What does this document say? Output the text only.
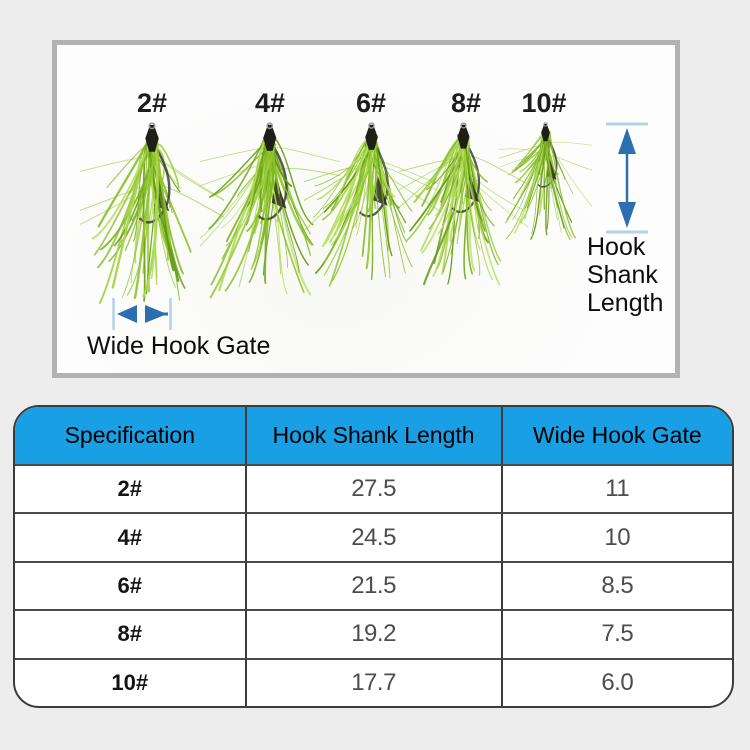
2#	4#	6#	8#	10#
Hook Shank Length
Wide Hook Gate
Specification	Hook Shank Length	Wide Hook Gate
2#	27.5	11
4#	24.5	10
6#	21.5	8.5
8#	19.2	7.5
10#	17.7	6.0
